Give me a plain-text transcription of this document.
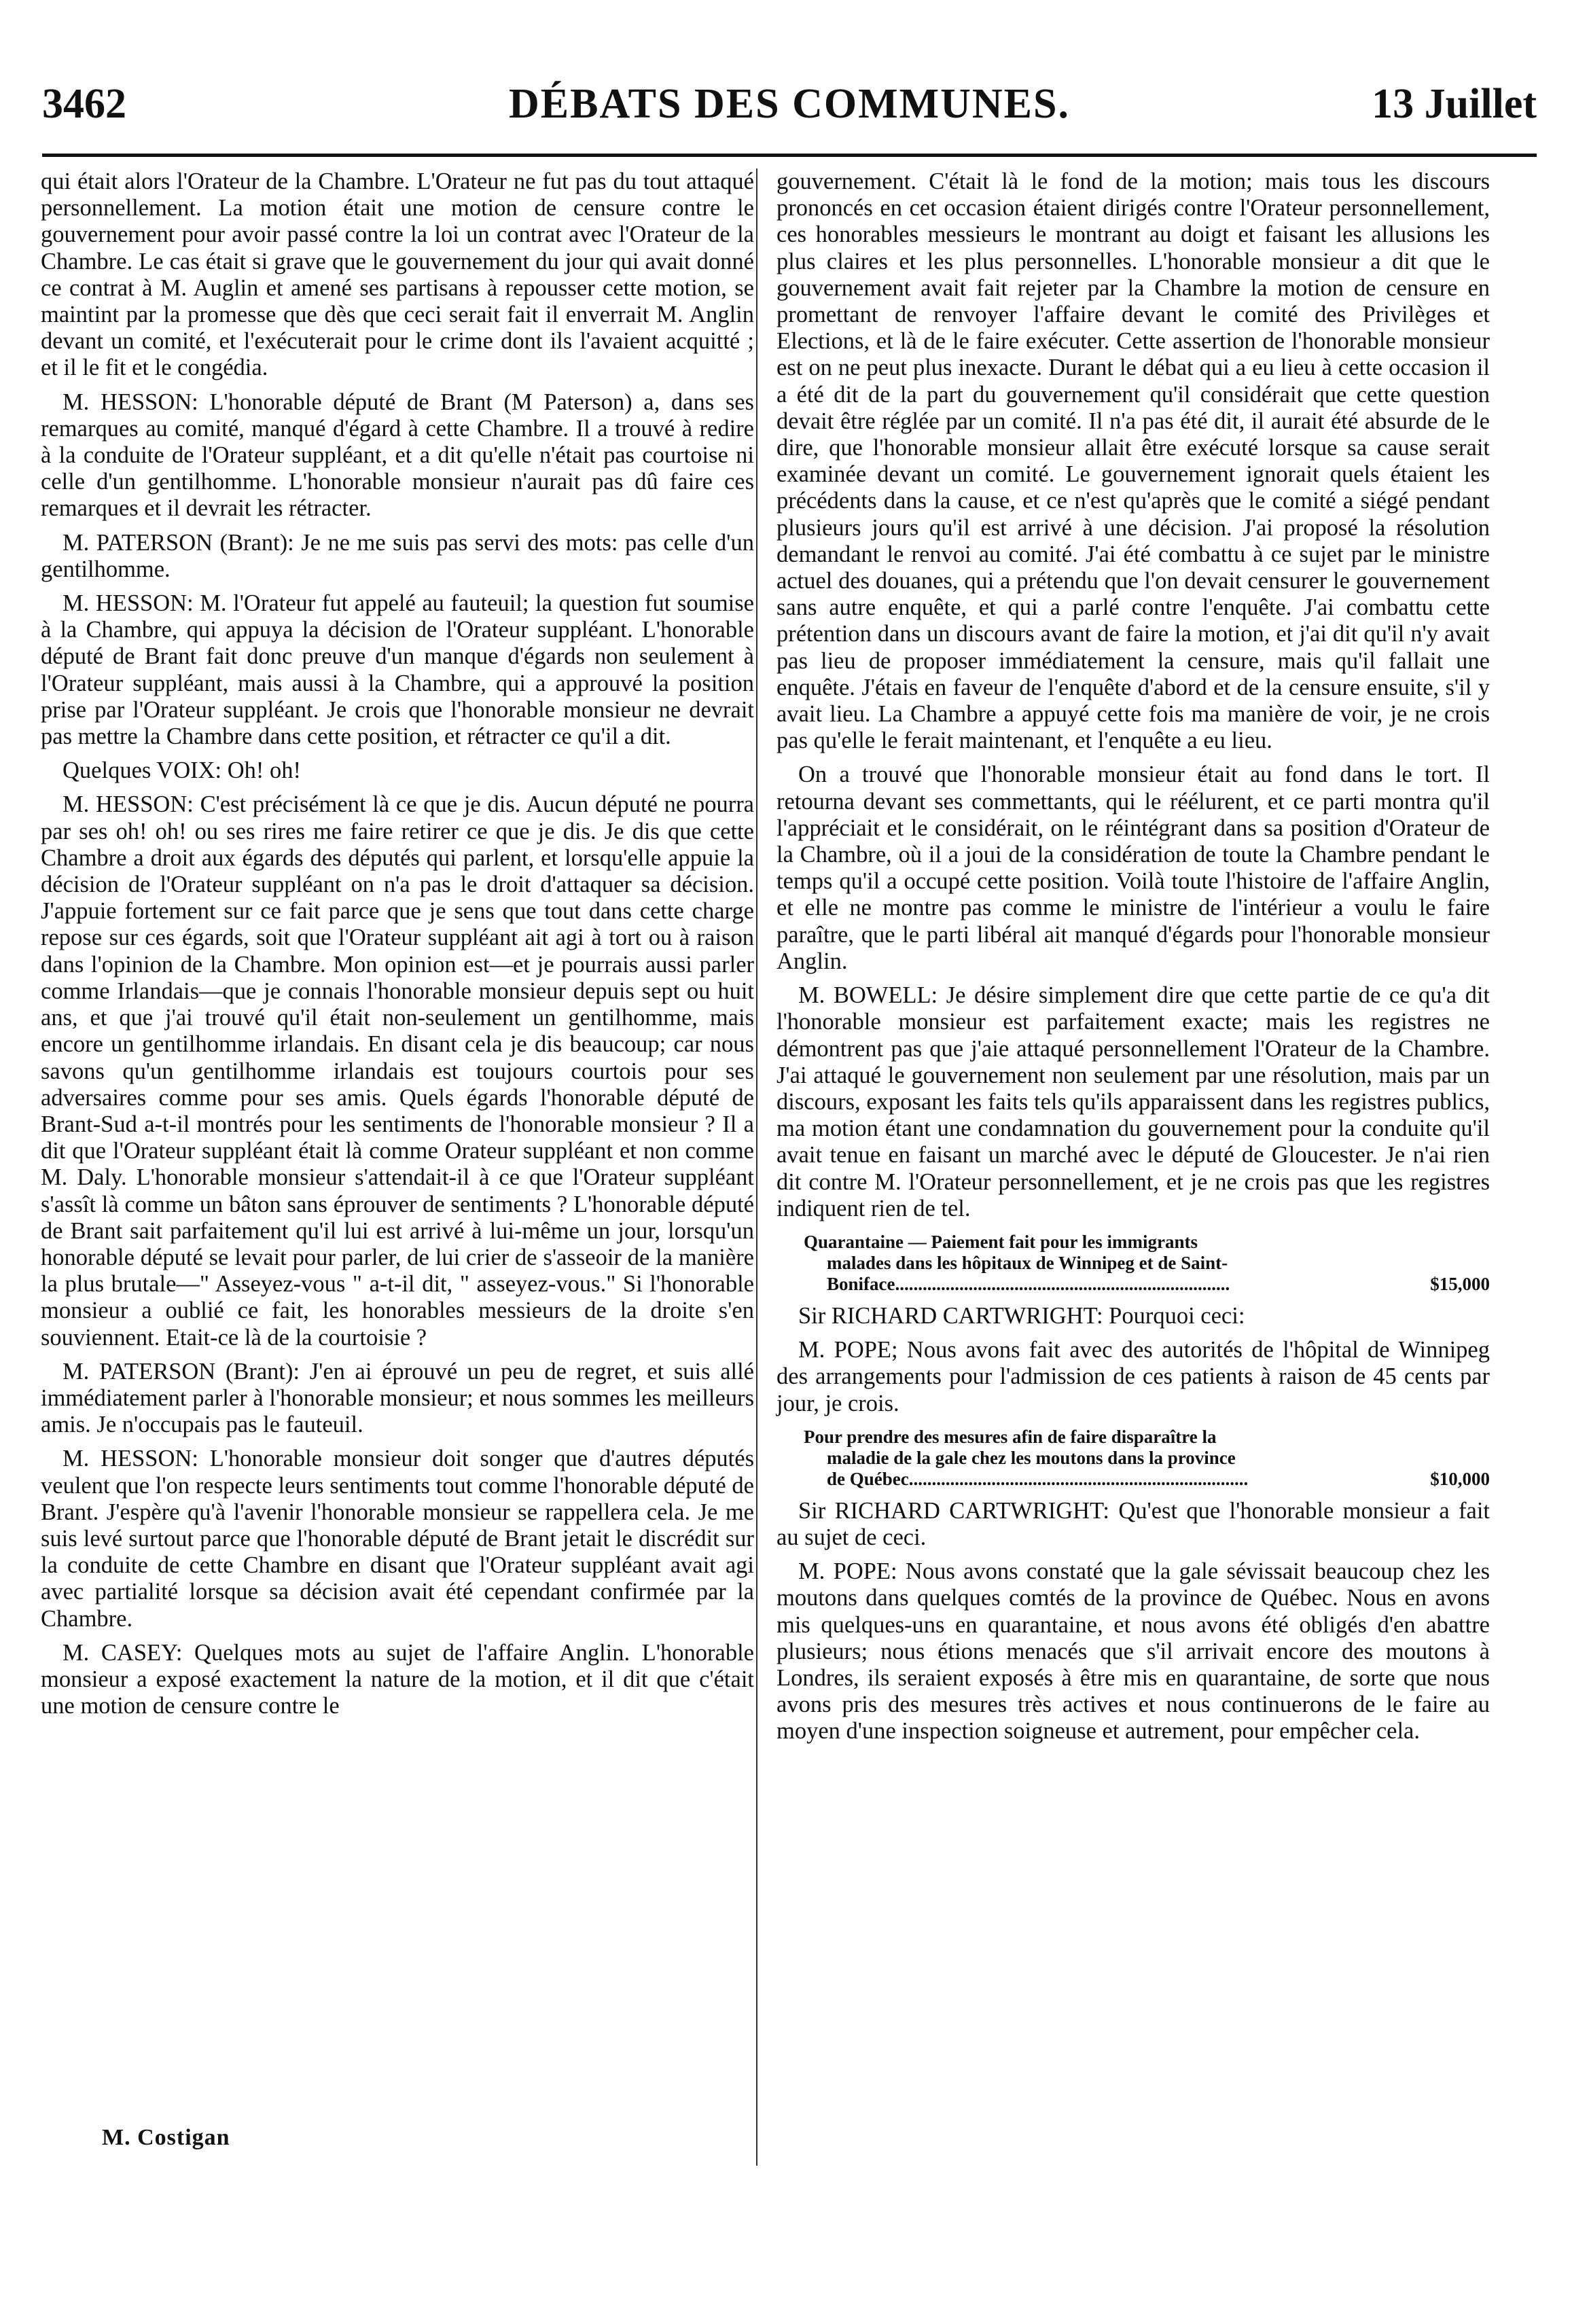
3462	DÉBATS DES COMMUNES.	13 Juillet

qui était alors l'Orateur de la Chambre. L'Orateur ne fut pas du tout attaqué personnellement. La motion était une motion de censure contre le gouvernement pour avoir passé contre la loi un contrat avec l'Orateur de la Chambre. Le cas était si grave que le gouvernement du jour qui avait donné ce contrat à M. Auglin et amené ses partisans à repousser cette motion, se maintint par la promesse que dès que ceci serait fait il enverrait M. Anglin devant un comité, et l'exécuterait pour le crime dont ils l'avaient acquitté ; et il le fit et le congédia.

M. HESSON: L'honorable député de Brant (M Paterson) a, dans ses remarques au comité, manqué d'égard à cette Chambre. Il a trouvé à redire à la conduite de l'Orateur suppléant, et a dit qu'elle n'était pas courtoise ni celle d'un gentilhomme. L'honorable monsieur n'aurait pas dû faire ces remarques et il devrait les rétracter.

M. PATERSON (Brant): Je ne me suis pas servi des mots: pas celle d'un gentilhomme.

M. HESSON: M. l'Orateur fut appelé au fauteuil; la question fut soumise à la Chambre, qui appuya la décision de l'Orateur suppléant. L'honorable député de Brant fait donc preuve d'un manque d'égards non seulement à l'Orateur suppléant, mais aussi à la Chambre, qui a approuvé la position prise par l'Orateur suppléant. Je crois que l'honorable monsieur ne devrait pas mettre la Chambre dans cette position, et rétracter ce qu'il a dit.

Quelques VOIX: Oh! oh!

M. HESSON: C'est précisément là ce que je dis. Aucun député ne pourra par ses oh! oh! ou ses rires me faire retirer ce que je dis. Je dis que cette Chambre a droit aux égards des députés qui parlent, et lorsqu'elle appuie la décision de l'Orateur suppléant on n'a pas le droit d'attaquer sa décision. J'appuie fortement sur ce fait parce que je sens que tout dans cette charge repose sur ces égards, soit que l'Orateur suppléant ait agi à tort ou à raison dans l'opinion de la Chambre. Mon opinion est—et je pourrais aussi parler comme Irlandais—que je connais l'honorable monsieur depuis sept ou huit ans, et que j'ai trouvé qu'il était non-seulement un gentilhomme, mais encore un gentilhomme irlandais. En disant cela je dis beaucoup; car nous savons qu'un gentilhomme irlandais est toujours courtois pour ses adversaires comme pour ses amis. Quels égards l'honorable député de Brant-Sud a-t-il montrés pour les sentiments de l'honorable monsieur ? Il a dit que l'Orateur suppléant était là comme Orateur suppléant et non comme M. Daly. L'honorable monsieur s'attendait-il à ce que l'Orateur suppléant s'assît là comme un bâton sans éprouver de sentiments ? L'honorable député de Brant sait parfaitement qu'il lui est arrivé à lui-même un jour, lorsqu'un honorable député se levait pour parler, de lui crier de s'asseoir de la manière la plus brutale—" Asseyez-vous " a-t-il dit, " asseyez-vous." Si l'honorable monsieur a oublié ce fait, les honorables messieurs de la droite s'en souviennent. Etait-ce là de la courtoisie ?

M. PATERSON (Brant): J'en ai éprouvé un peu de regret, et suis allé immédiatement parler à l'honorable monsieur; et nous sommes les meilleurs amis. Je n'occupais pas le fauteuil.

M. HESSON: L'honorable monsieur doit songer que d'autres députés veulent que l'on respecte leurs sentiments tout comme l'honorable député de Brant. J'espère qu'à l'avenir l'honorable monsieur se rappellera cela. Je me suis levé surtout parce que l'honorable député de Brant jetait le discrédit sur la conduite de cette Chambre en disant que l'Orateur suppléant avait agi avec partialité lorsque sa décision avait été cependant confirmée par la Chambre.

M. CASEY: Quelques mots au sujet de l'affaire Anglin. L'honorable monsieur a exposé exactement la nature de la motion, et il dit que c'était une motion de censure contre le

gouvernement. C'était là le fond de la motion; mais tous les discours prononcés en cet occasion étaient dirigés contre l'Orateur personnellement, ces honorables messieurs le montrant au doigt et faisant les allusions les plus claires et les plus personnelles. L'honorable monsieur a dit que le gouvernement avait fait rejeter par la Chambre la motion de censure en promettant de renvoyer l'affaire devant le comité des Privilèges et Elections, et là de le faire exécuter. Cette assertion de l'honorable monsieur est on ne peut plus inexacte. Durant le débat qui a eu lieu à cette occasion il a été dit de la part du gouvernement qu'il considérait que cette question devait être réglée par un comité. Il n'a pas été dit, il aurait été absurde de le dire, que l'honorable monsieur allait être exécuté lorsque sa cause serait examinée devant un comité. Le gouvernement ignorait quels étaient les précédents dans la cause, et ce n'est qu'après que le comité a siégé pendant plusieurs jours qu'il est arrivé à une décision. J'ai proposé la résolution demandant le renvoi au comité. J'ai été combattu à ce sujet par le ministre actuel des douanes, qui a prétendu que l'on devait censurer le gouvernement sans autre enquête, et qui a parlé contre l'enquête. J'ai combattu cette prétention dans un discours avant de faire la motion, et j'ai dit qu'il n'y avait pas lieu de proposer immédiatement la censure, mais qu'il fallait une enquête. J'étais en faveur de l'enquête d'abord et de la censure ensuite, s'il y avait lieu. La Chambre a appuyé cette fois ma manière de voir, je ne crois pas qu'elle le ferait maintenant, et l'enquête a eu lieu.

On a trouvé que l'honorable monsieur était au fond dans le tort. Il retourna devant ses commettants, qui le réélurent, et ce parti montra qu'il l'appréciait et le considérait, on le réintégrant dans sa position d'Orateur de la Chambre, où il a joui de la considération de toute la Chambre pendant le temps qu'il a occupé cette position. Voilà toute l'histoire de l'affaire Anglin, et elle ne montre pas comme le ministre de l'intérieur a voulu le faire paraître, que le parti libéral ait manqué d'égards pour l'honorable monsieur Anglin.

M. BOWELL: Je désire simplement dire que cette partie de ce qu'a dit l'honorable monsieur est parfaitement exacte; mais les registres ne démontrent pas que j'aie attaqué personnellement l'Orateur de la Chambre. J'ai attaqué le gouvernement non seulement par une résolution, mais par un discours, exposant les faits tels qu'ils apparaissent dans les registres publics, ma motion étant une condamnation du gouvernement pour la conduite qu'il avait tenue en faisant un marché avec le député de Gloucester. Je n'ai rien dit contre M. l'Orateur personnellement, et je ne crois pas que les registres indiquent rien de tel.

Quarantaine — Paiement fait pour les immigrants
malades dans les hôpitaux de Winnipeg et de Saint-
$15,000
Boniface.........................................................................

Sir RICHARD CARTWRIGHT: Pourquoi ceci:

M. POPE; Nous avons fait avec des autorités de l'hôpital de Winnipeg des arrangements pour l'admission de ces patients à raison de 45 cents par jour, je crois.

Pour prendre des mesures afin de faire disparaître la
maladie de la gale chez les moutons dans la province
$10,000
de Québec..........................................................................

Sir RICHARD CARTWRIGHT: Qu'est que l'honorable monsieur a fait au sujet de ceci.

M. POPE: Nous avons constaté que la gale sévissait beaucoup chez les moutons dans quelques comtés de la province de Québec. Nous en avons mis quelques-uns en quarantaine, et nous avons été obligés d'en abattre plusieurs; nous étions menacés que s'il arrivait encore des moutons à Londres, ils seraient exposés à être mis en quarantaine, de sorte que nous avons pris des mesures très actives et nous continuerons de le faire au moyen d'une inspection soigneuse et autrement, pour empêcher cela.

M. Costigan
